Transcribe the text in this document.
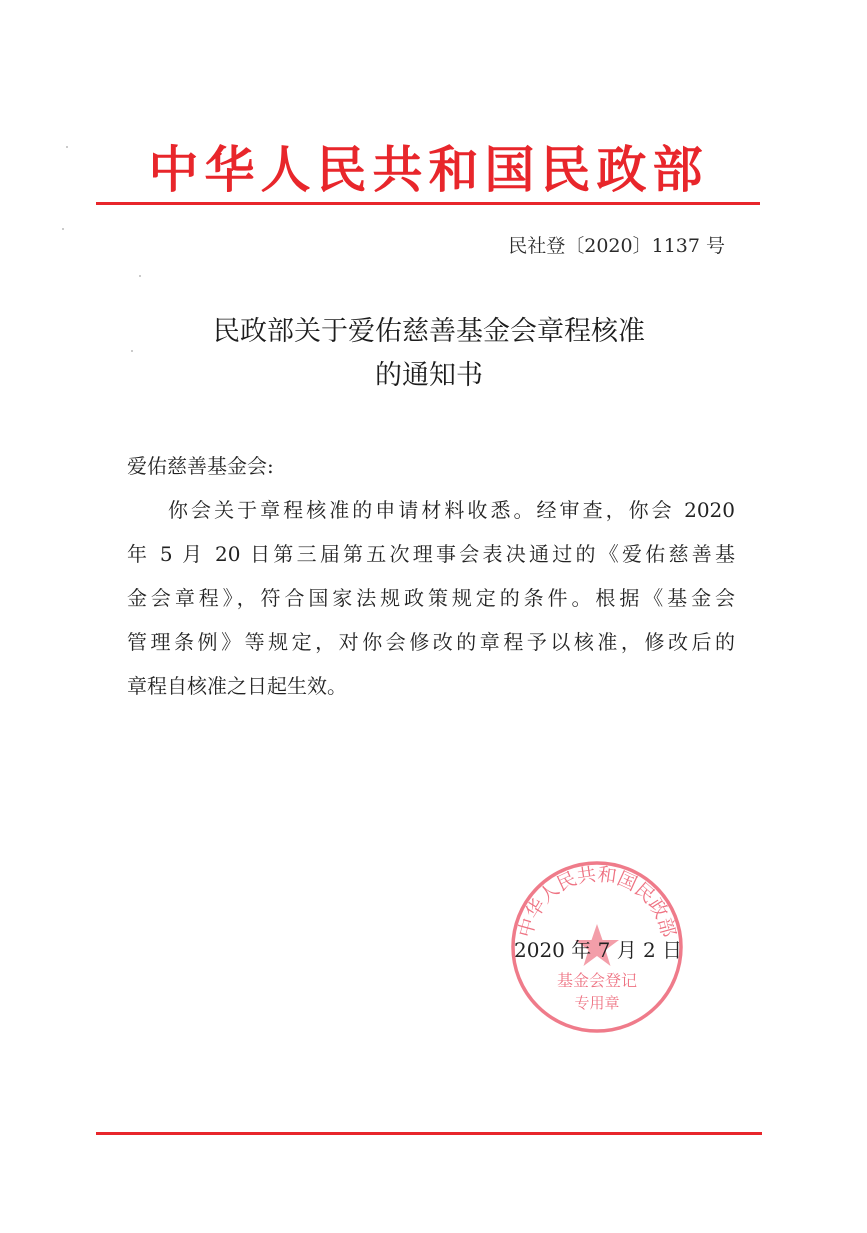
中华人民共和国民政部
民社登〔2020〕1137 号
民政部关于爱佑慈善基金会章程核准
的通知书
爱佑慈善基金会:
你会关于章程核准的申请材料收悉。经审查，你会 2020
年 5 月 20 日第三届第五次理事会表决通过的《爱佑慈善基
金会章程》，符合国家法规政策规定的条件。根据《基金会
管理条例》等规定，对你会修改的章程予以核准，修改后的
章程自核准之日起生效。
中华人民共和国民政部
基金会登记
专用章
2020 年 7 月 2 日
